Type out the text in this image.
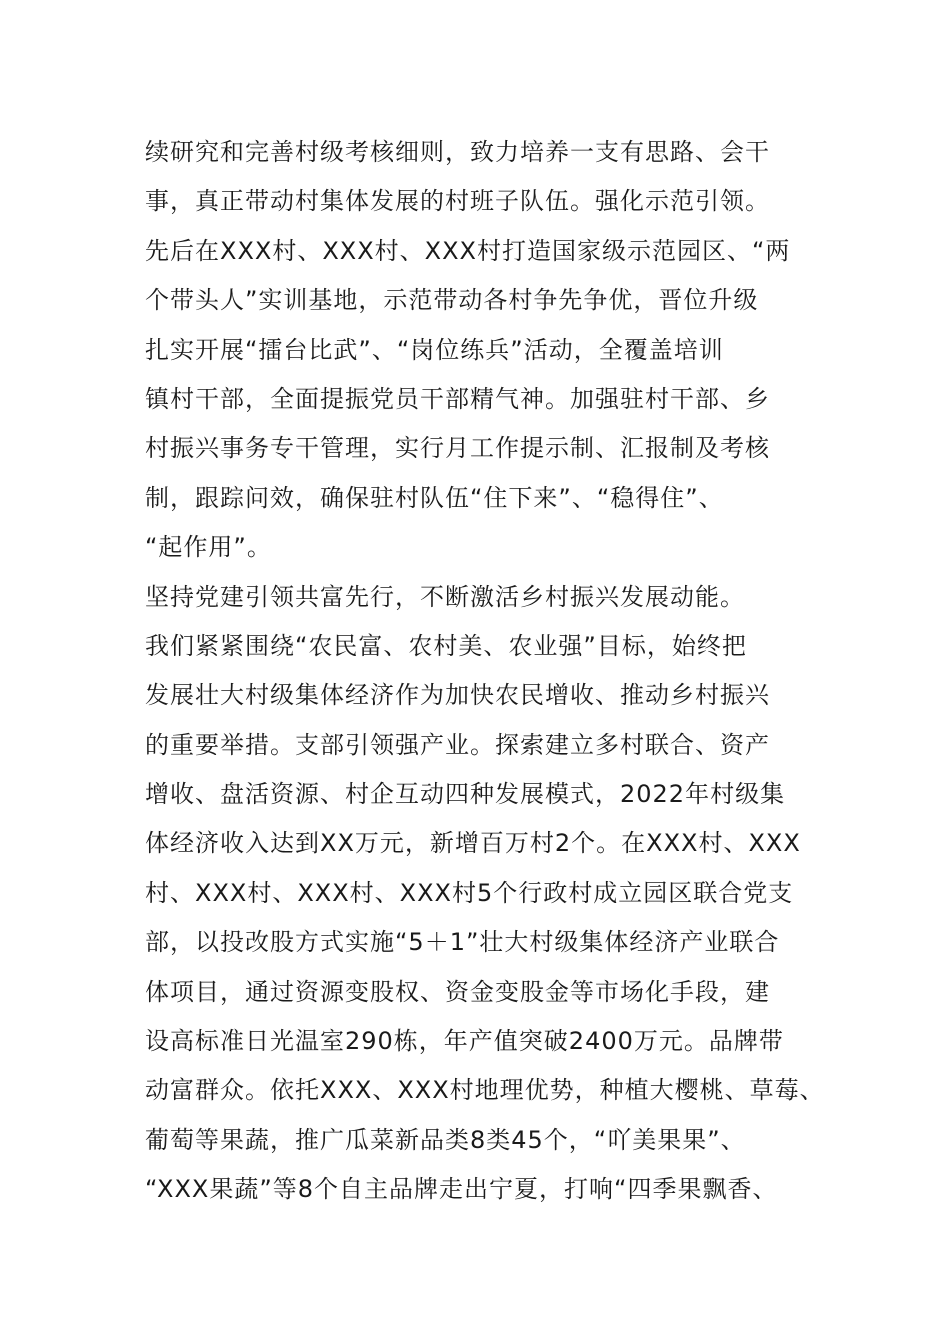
续研究和完善村级考核细则，致力培养一支有思路、会干
事，真正带动村集体发展的村班子队伍。强化示范引领。
先后在XXX村、XXX村、XXX村打造国家级示范园区、“两
个带头人”实训基地，示范带动各村争先争优，晋位升级
扎实开展“擂台比武”、“岗位练兵”活动，全覆盖培训
镇村干部，全面提振党员干部精气神。加强驻村干部、乡
村振兴事务专干管理，实行月工作提示制、汇报制及考核
制，跟踪问效，确保驻村队伍“住下来”、“稳得住”、
“起作用”。
坚持党建引领共富先行，不断激活乡村振兴发展动能。
我们紧紧围绕“农民富、农村美、农业强”目标，始终把
发展壮大村级集体经济作为加快农民增收、推动乡村振兴
的重要举措。支部引领强产业。探索建立多村联合、资产
增收、盘活资源、村企互动四种发展模式，2022年村级集
体经济收入达到XX万元，新增百万村2个。在XXX村、XXX
村、XXX村、XXX村、XXX村5个行政村成立园区联合党支
部，以投改股方式实施“5＋1”壮大村级集体经济产业联合
体项目，通过资源变股权、资金变股金等市场化手段，建
设高标准日光温室290栋，年产值突破2400万元。品牌带
动富群众。依托XXX、XXX村地理优势，种植大樱桃、草莓、
葡萄等果蔬，推广瓜菜新品类8类45个，“吖美果果”、
“XXX果蔬”等8个自主品牌走出宁夏，打响“四季果飘香、
